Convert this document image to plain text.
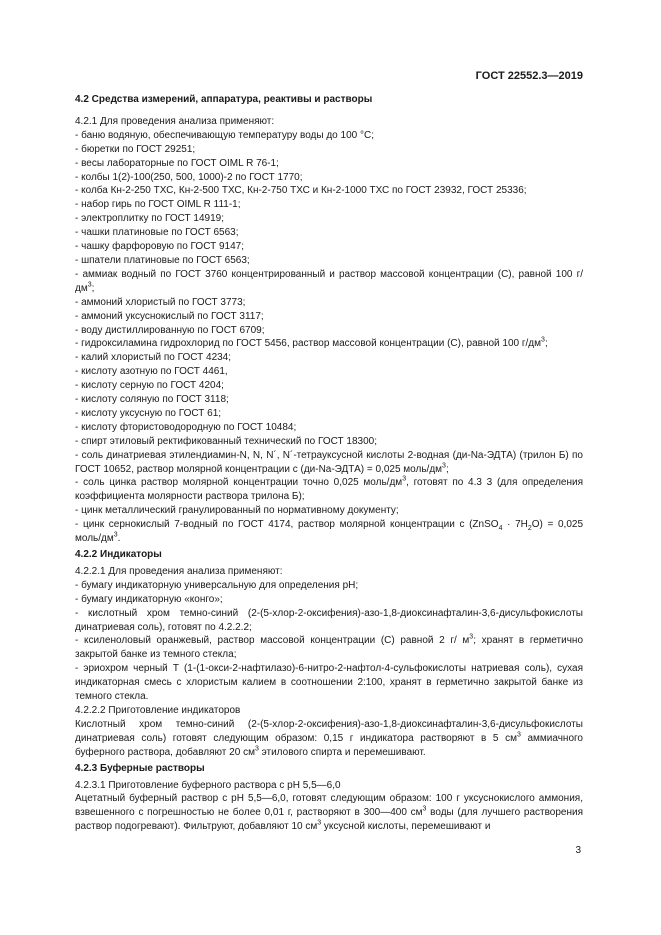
ГОСТ 22552.3—2019

4.2 Средства измерений, аппаратура, реактивы и растворы

4.2.1 Для проведения анализа применяют:

- баню водяную, обеспечивающую температуру воды до 100 °С;

- бюретки по ГОСТ 29251;

- весы лабораторные по ГОСТ OIML R 76-1;

- колбы 1(2)-100(250, 500, 1000)-2 по ГОСТ 1770;

- колба Кн-2-250 ТХС, Кн-2-500 ТХС, Кн-2-750 ТХС и Кн-2-1000 ТХС по ГОСТ 23932, ГОСТ 25336;

- набор гирь по ГОСТ OIML R 111-1;

- электроплитку по ГОСТ 14919;

- чашки платиновые по ГОСТ 6563;

- чашку фарфоровую по ГОСТ 9147;

- шпатели платиновые по ГОСТ 6563;

- аммиак водный по ГОСТ 3760 концентрированный и раствор массовой концентрации (С), равной 100 $г/дм^3$;

- аммоний хлористый по ГОСТ 3773;

- аммоний уксуснокислый по ГОСТ 3117;

- воду дистиллированную по ГОСТ 6709;

- гидроксиламина гидрохлорид по ГОСТ 5456, раствор массовой концентрации (С), равной 100 $г/дм^3$;

- калий хлористый по ГОСТ 4234;

- кислоту азотную по ГОСТ 4461,

- кислоту серную по ГОСТ 4204;

- кислоту соляную по ГОСТ 3118;

- кислоту уксусную по ГОСТ 61;

- кислоту фтористоводородную по ГОСТ 10484;

- спирт этиловый ректификованный технический по ГОСТ 18300;

- соль динатриевая этилендиамин-N, N, N´, N´-тетрауксусной кислоты 2-водная (ди-Na-ЭДТА) (трилон Б) по ГОСТ 10652, раствор молярной концентрации с (ди-Na-ЭДТА) = 0,025 моль/$дм^3$;

- соль цинка раствор молярной концентрации точно 0,025 моль/$дм^3$, готовят по 4.3 3 (для определения коэффициента молярности раствора трилона Б);

- цинк металлический гранулированный по нормативному документу;

- цинк сернокислый 7-водный по ГОСТ 4174, раствор молярной концентрации с (ZnSO$_4$ · $7H_2O) = 0,025$ моль/$дм^3$.

4.2.2 Индикаторы

4.2.2.1 Для проведения анализа применяют:

- бумагу индикаторную универсальную для определения рН;

- бумагу индикаторную «конго»;

- кислотный хром темно-синий (2-(5-хлор-2-оксифения)-азо-1,8-диоксинафталин-3,6-дисульфокислоты динатриевая соль), готовят по 4.2.2.2;

- ксиленоловый оранжевый, раствор массовой концентрации (С) равной 2 г/ $м^3$; хранят в герметично закрытой банке из темного стекла;

- эриохром черный Т (1-(1-окси-2-нафтилазо)-6-нитро-2-нафтол-4-сульфокислоты натриевая соль), сухая индикаторная смесь с хлористым калием в соотношении 2:100, хранят в герметично закрытой банке из темного стекла.

4.2.2.2 Приготовление индикаторов

Кислотный хром темно-синий (2-(5-хлор-2-оксифения)-азо-1,8-диоксинафталин-3,6-дисульфокислоты динатриевая соль) готовят следующим образом: 0,15 г индикатора растворяют в 5 $см^3$ аммиачного буферного раствора, добавляют 20 $см^3$ этилового спирта и перемешивают.

4.2.3 Буферные растворы

4.2.3.1 Приготовление буферного раствора с рН 5,5—6,0

Ацетатный буферный раствор с рН 5,5—6,0, готовят следующим образом: 100 г уксуснокислого аммония, взвешенного с погрешностью не более 0,01 г, растворяют в 300—400 $см^3$ воды (для лучшего растворения раствор подогревают). Фильтруют, добавляют 10 $см^3$ уксусной кислоты, перемешивают и

3
